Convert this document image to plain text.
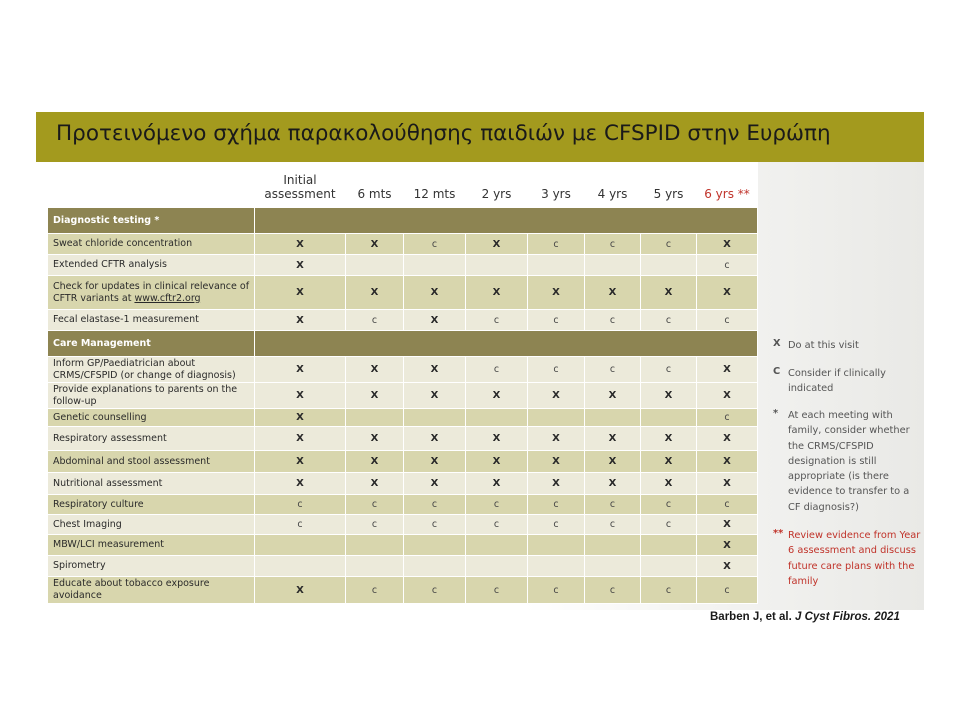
Προτεινόμενο σχήμα παρακολούθησης παιδιών με CFSPID στην Ευρώπη
	Initial assessment	6 mts	12 mts	2 yrs	3 yrs	4 yrs	5 yrs	6 yrs **
Diagnostic testing *								
Sweat chloride concentration	X	X	c	X	c	c	c	X
Extended CFTR analysis	X							c
Check for updates in clinical relevance of CFTR variants at www.cftr2.org	X	X	X	X	X	X	X	X
Fecal elastase-1 measurement	X	c	X	c	c	c	c	c
Care Management								
Inform GP/Paediatrician about CRMS/CFSPID (or change of diagnosis)	X	X	X	c	c	c	c	X
Provide explanations to parents on the follow-up	X	X	X	X	X	X	X	X
Genetic counselling	X							c
Respiratory assessment	X	X	X	X	X	X	X	X
Abdominal and stool assessment	X	X	X	X	X	X	X	X
Nutritional assessment	X	X	X	X	X	X	X	X
Respiratory culture	c	c	c	c	c	c	c	c
Chest Imaging	c	c	c	c	c	c	c	X
MBW/LCI measurement								X
Spirometry								X
Educate about tobacco exposure avoidance	X	c	c	c	c	c	c	c
X Do at this visit
C Consider if clinically indicated
*	At each meeting with family, consider whether the CRMS/CFSPID designation is still appropriate (is there evidence to transfer to a CF diagnosis?)
** Review evidence from Year 6 assessment and discuss future care plans with the family
Barben J, et al. J Cyst Fibros. 2021
